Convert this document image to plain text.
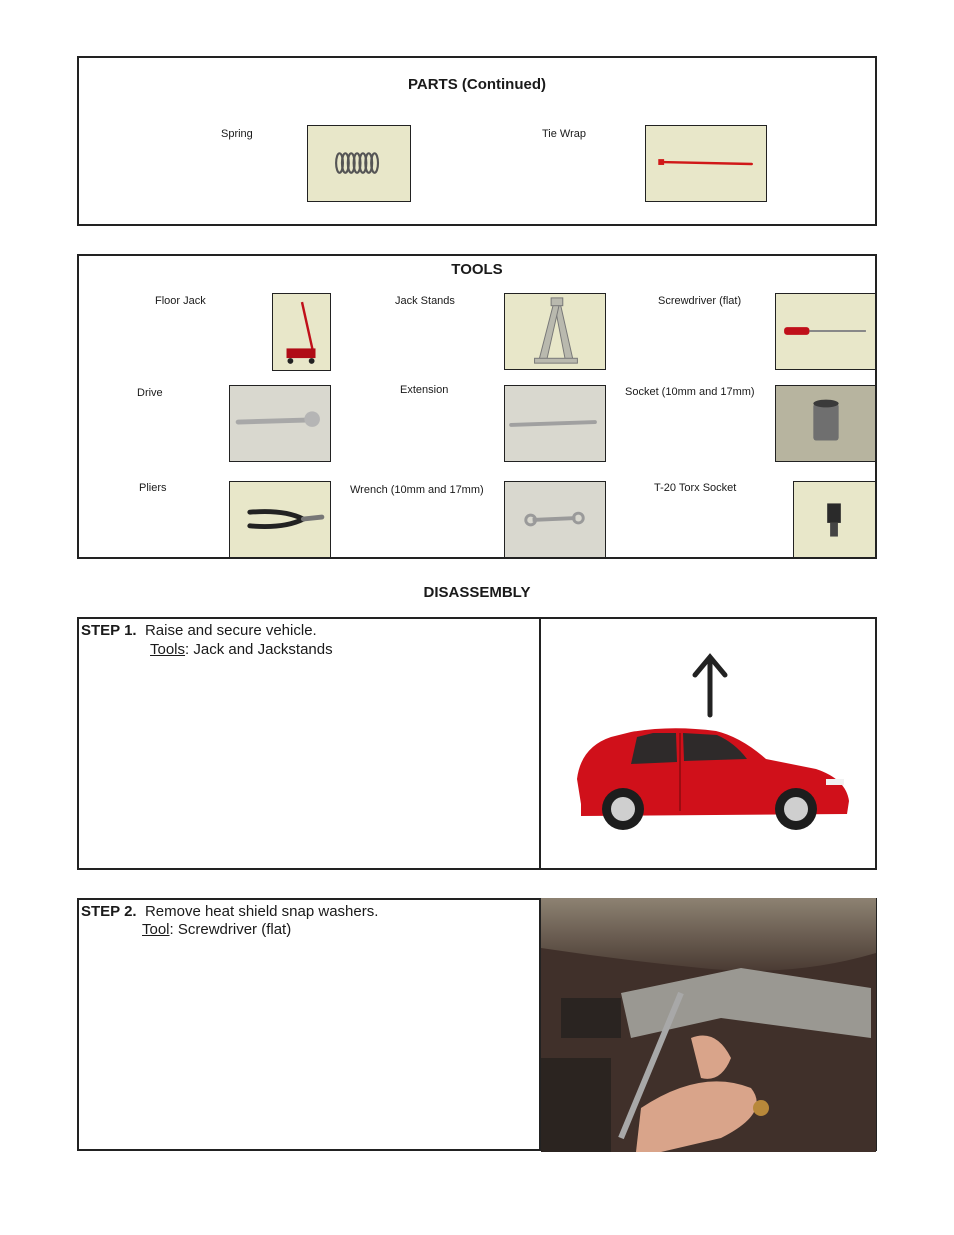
PARTS (Continued)
Spring	Tie Wrap
TOOLS
Floor Jack	Jack Stands	Screwdriver (flat)
Drive	Extension	Socket (10mm and 17mm)
Pliers	Wrench (10mm and 17mm)	T-20 Torx Socket
DISASSEMBLY
STEP 1. Raise and secure vehicle.
Tools: Jack and Jackstands
STEP 2. Remove heat shield snap washers.
Tool: Screwdriver (flat)
